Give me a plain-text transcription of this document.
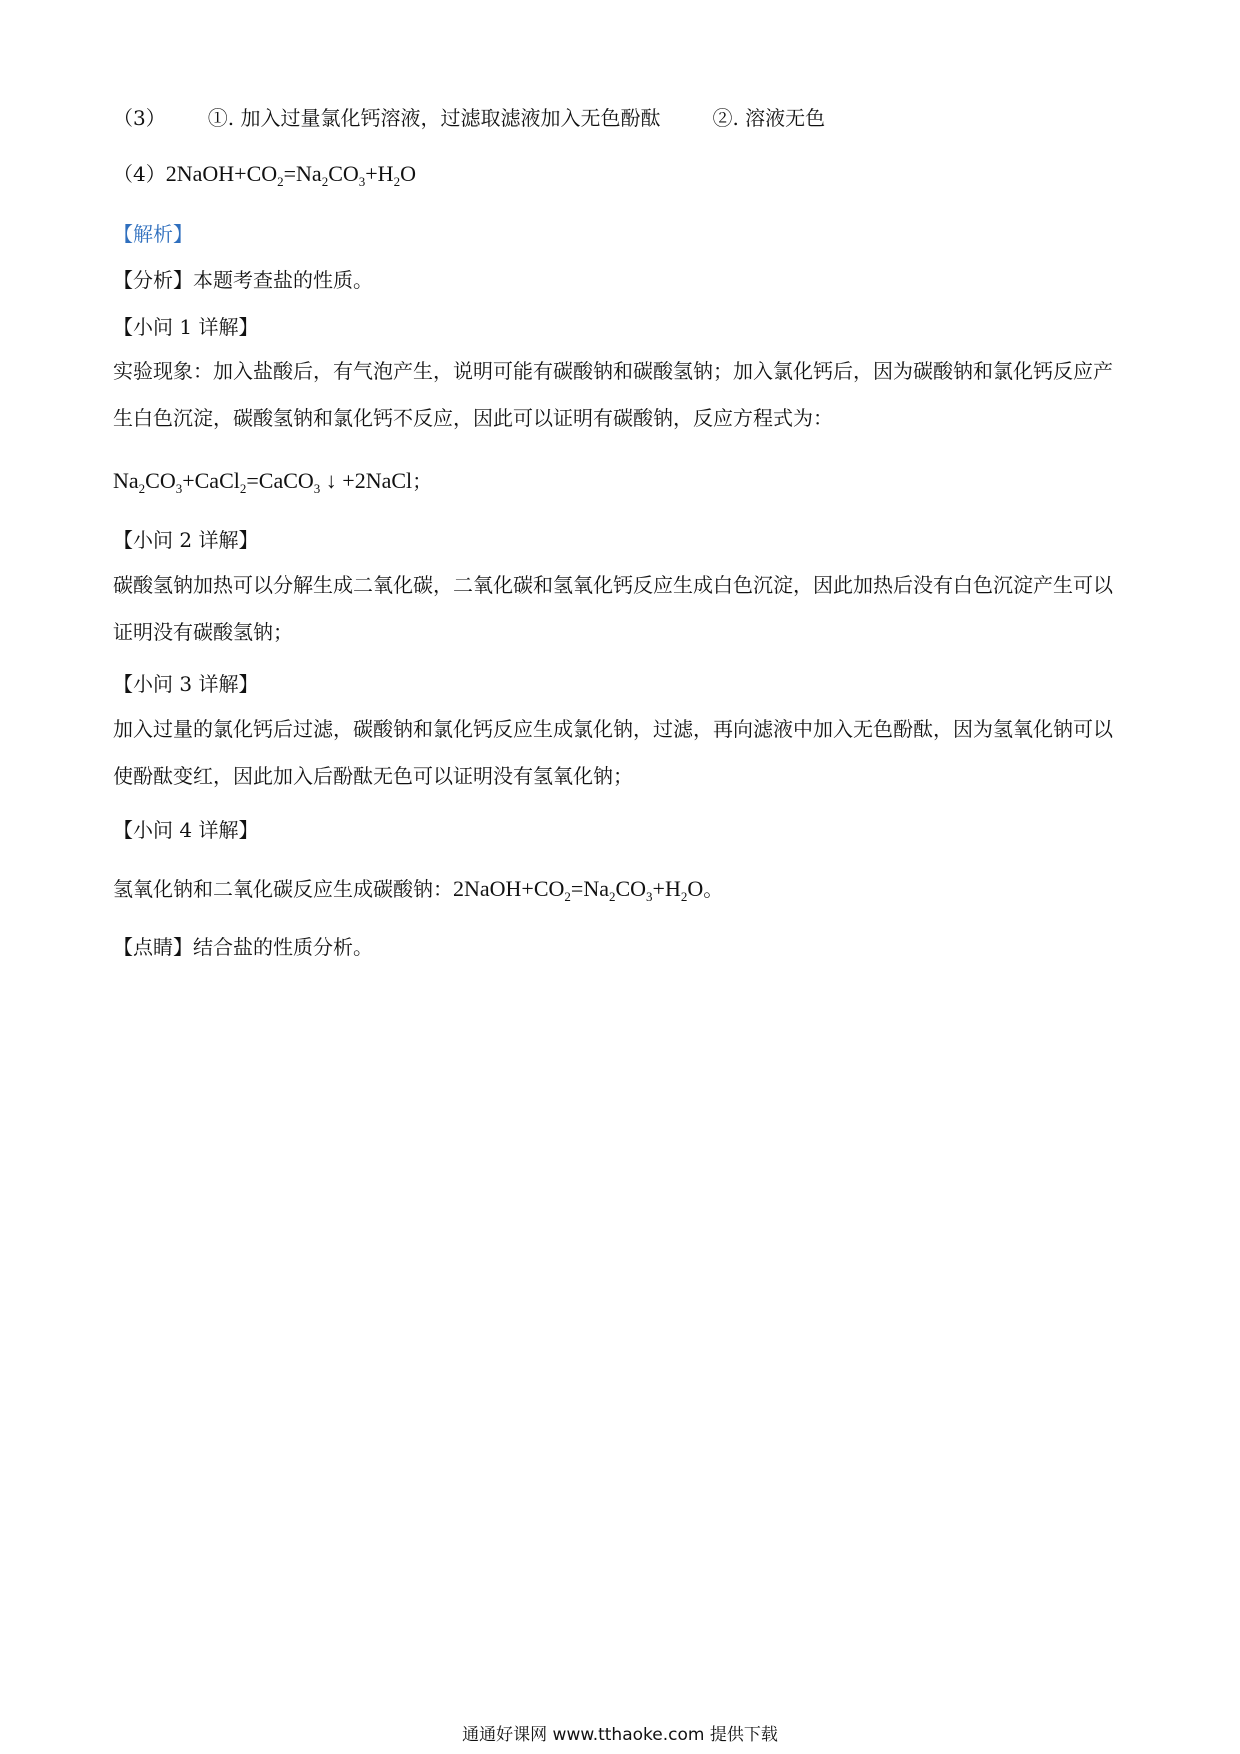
（3） ①. 加入过量氯化钙溶液，过滤取滤液加入无色酚酞	②. 溶液无色
$(4)2NaOH+CO_2=Na_2CO_3+H_2O$
【解析】
【分析】本题考查盐的性质。
【小问 1 详解】
实验现象：加入盐酸后，有气泡产生，说明可能有碳酸钠和碳酸氢钠；加入氯化钙后，因为碳酸钠和氯化钙反应产生白色沉淀，碳酸氢钠和氯化钙不反应，因此可以证明有碳酸钠，反应方程式为：
$Na_2CO_3+CaCl_2=CaCO_3$ ↓ +2NaCl；
【小问 2 详解】
碳酸氢钠加热可以分解生成二氧化碳，二氧化碳和氢氧化钙反应生成白色沉淀，因此加热后没有白色沉淀产生可以证明没有碳酸氢钠；
【小问 3 详解】
加入过量的氯化钙后过滤，碳酸钠和氯化钙反应生成氯化钠，过滤，再向滤液中加入无色酚酞，因为氢氧化钠可以使酚酞变红，因此加入后酚酞无色可以证明没有氢氧化钠；
【小问 4 详解】
氢氧化钠和二氧化碳反应生成碳酸钠：$2NaOH+CO_2=Na_2CO_3+H_2O$。
【点睛】结合盐的性质分析。
通通好课网 www.tthaoke.com 提供下载
